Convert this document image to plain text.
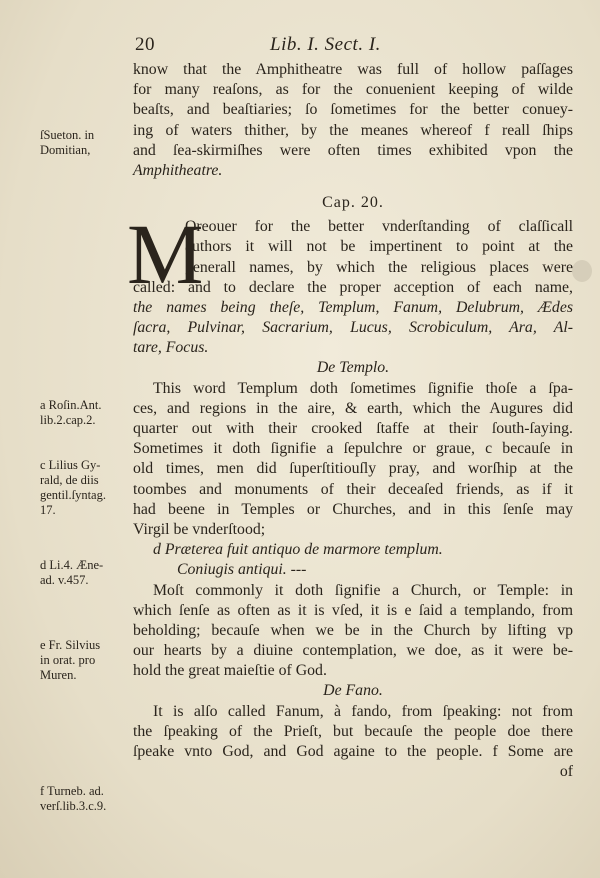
20	Lib. I. Sect. I.
ſSueton. in
Domitian,
a Roſin.Ant.
lib.2.cap.2.
c Lilius Gy-
rald, de diis
gentil.ſyntag.
17.
d Li.4. Æne-
ad. v.457.
e Fr. Silvius
in orat. pro
Muren.
f Turneb. ad.
verſ.lib.3.c.9.
know that the Amphitheatre was full of hollow paſſages
for many reaſons, as for the conuenient keeping of wilde
beaſts, and beaſtiaries; ſo ſometimes for the better conuey-
ing of waters thither, by the meanes whereof f reall ſhips
and ſea-skirmiſhes were often times exhibited vpon the
Amphitheatre.
Cap. 20.
M
Oreouer for the better vnderſtanding of claſſicall
authors it will not be impertinent to point at the
generall names, by which the religious places were
called: and to declare the proper acception of each name,
the names being theſe, Templum, Fanum, Delubrum, Ædes
ſacra, Pulvinar, Sacrarium, Lucus, Scrobiculum, Ara, Al-
tare, Focus.
De Templo.
This word Templum doth ſometimes ſignifie thoſe a ſpa-
ces, and regions in the aire, & earth, which the Augures did
quarter out with their crooked ſtaffe at their ſouth-ſaying.
Sometimes it doth ſignifie a ſepulchre or graue, c becauſe in
old times, men did ſuperſtitiouſly pray, and worſhip at the
toombes and monuments of their deceaſed friends, as if it
had beene in Temples or Churches, and in this ſenſe may
Virgil be vnderſtood;
d Præterea fuit antiquo de marmore templum.
Coniugis antiqui. ---
Moſt commonly it doth ſignifie a Church, or Temple: in
which ſenſe as often as it is vſed, it is e ſaid a templando, from
beholding; becauſe when we be in the Church by lifting vp
our hearts by a diuine contemplation, we doe, as it were be-
hold the great maieſtie of God.
De Fano.
It is alſo called Fanum, à fando, from ſpeaking: not from
the ſpeaking of the Prieſt, but becauſe the people doe there
ſpeake vnto God, and God againe to the people. f Some are
of
